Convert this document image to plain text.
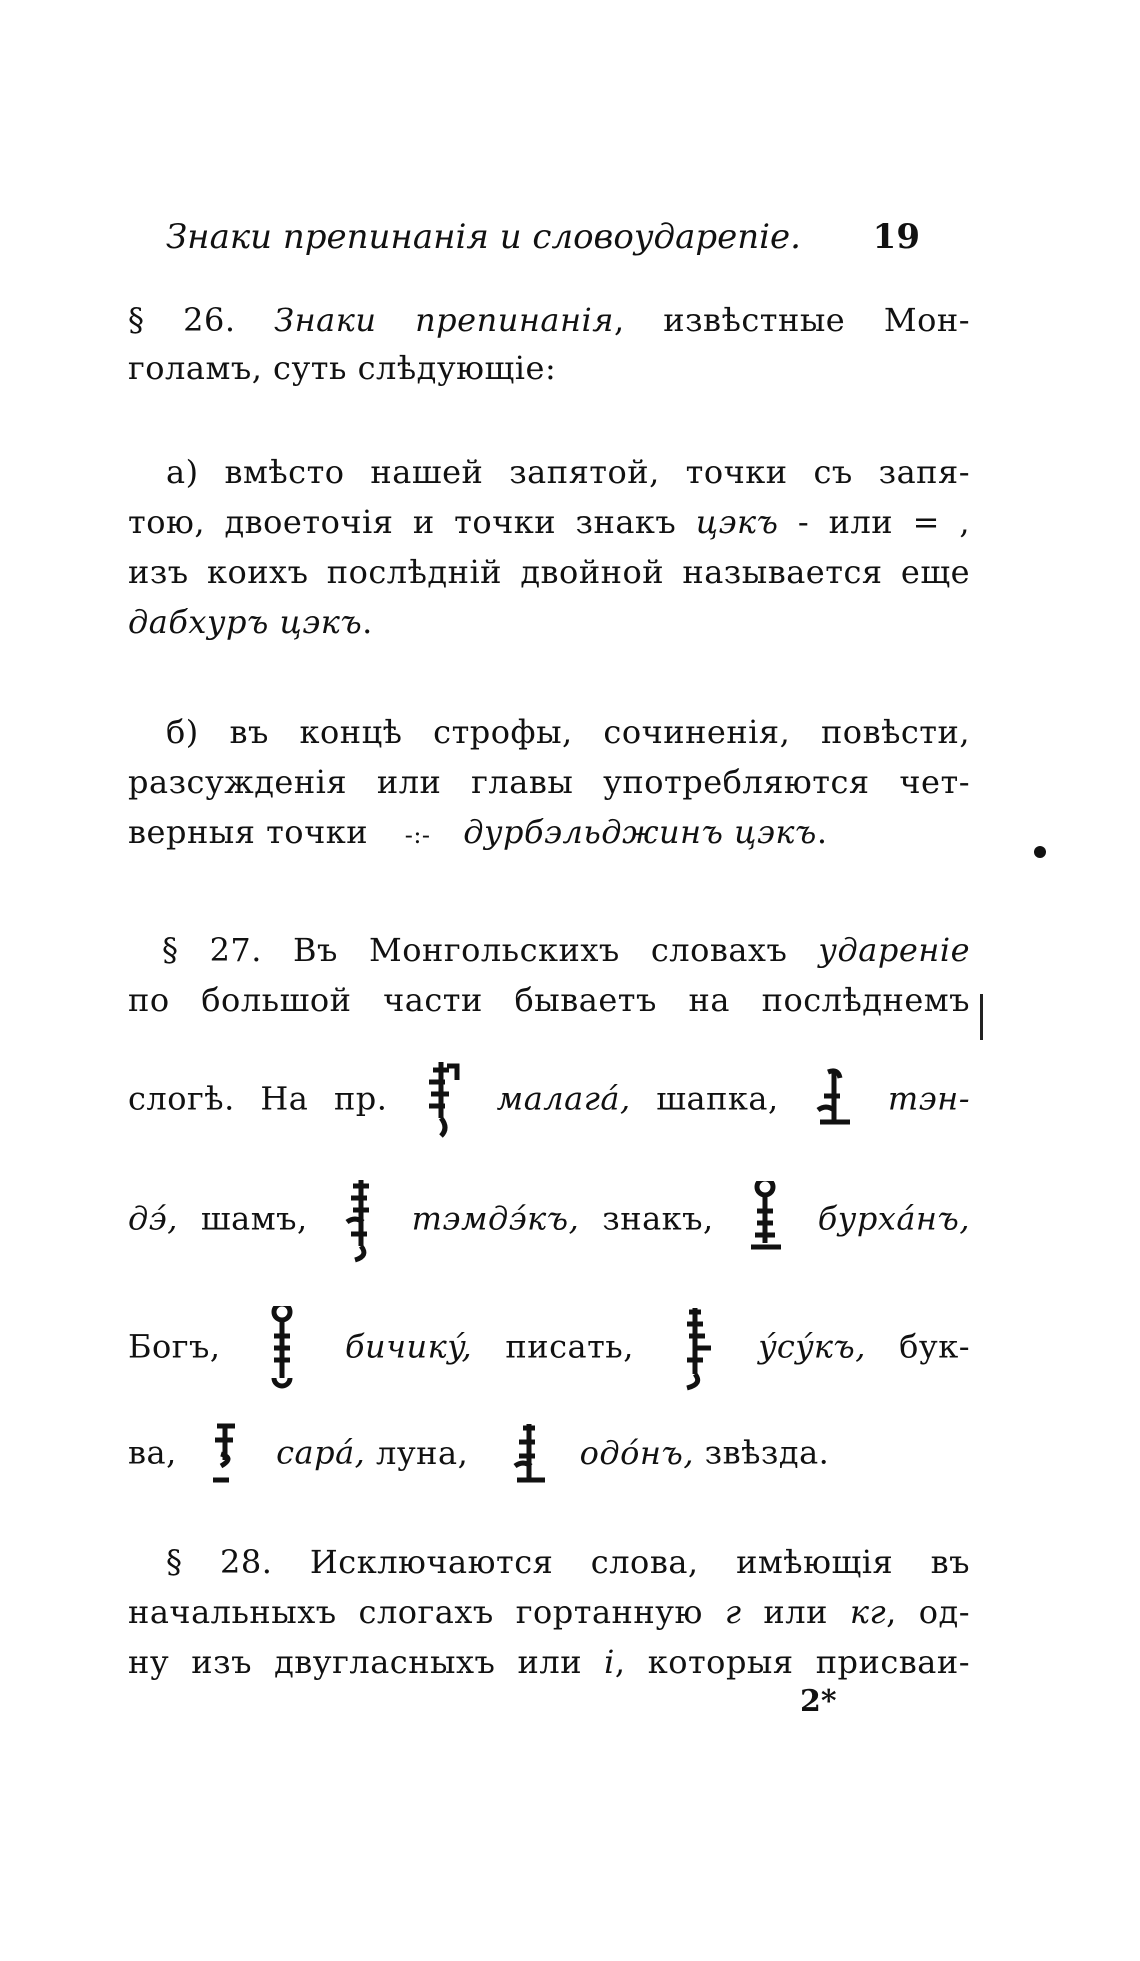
Знаки препинанія и словоударепіе. 19
§ 26. Знаки препинанія, извѣстные Мон-
голамъ, суть слѣдующіе:
а) вмѣсто нашей запятой, точки съ запя-
тою, двоеточія и точки знакъ цэкъ - или = ,
изъ коихъ послѣдній двойной называется еще
дабхуръ цэкъ.
б) въ концѣ строфы, сочиненія, повѣсти,
разсужденія или главы употребляются чет-
верныя точки -:- дурбэльджинъ цэкъ.
§ 27. Въ Монгольскихъ словахъ удареніе
по большой части бываетъ на послѣднемъ
слогѣ. На пр.	малагá, шапка,	тэн-
дэ́, шамъ,	тэмдэ́къ, знакъ,	бурхáнъ,
Богъ,	бичикý, писать,	ýсýкъ, бук-
ва,	сарá, луна,	одóнъ, звѣзда.
§ 28. Исключаются слова, имѣющія въ
начальныхъ слогахъ гортанную г или кг, од-
ну изъ двугласныхъ или i, которыя присваи-
2*
